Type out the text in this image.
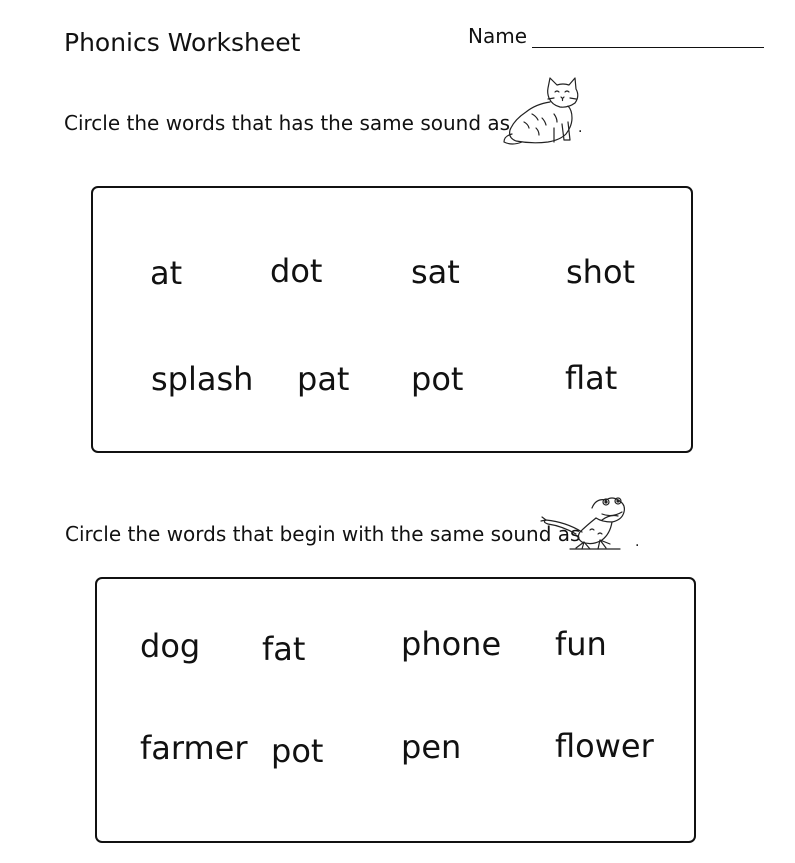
Phonics Worksheet	Name
Circle the words that has the same sound as	.
at	dot	sat	shot
splash pat pot	flat
Circle the words that begin with the same sound as	.
dog fat	phone fun
farmer pot pen	flower
